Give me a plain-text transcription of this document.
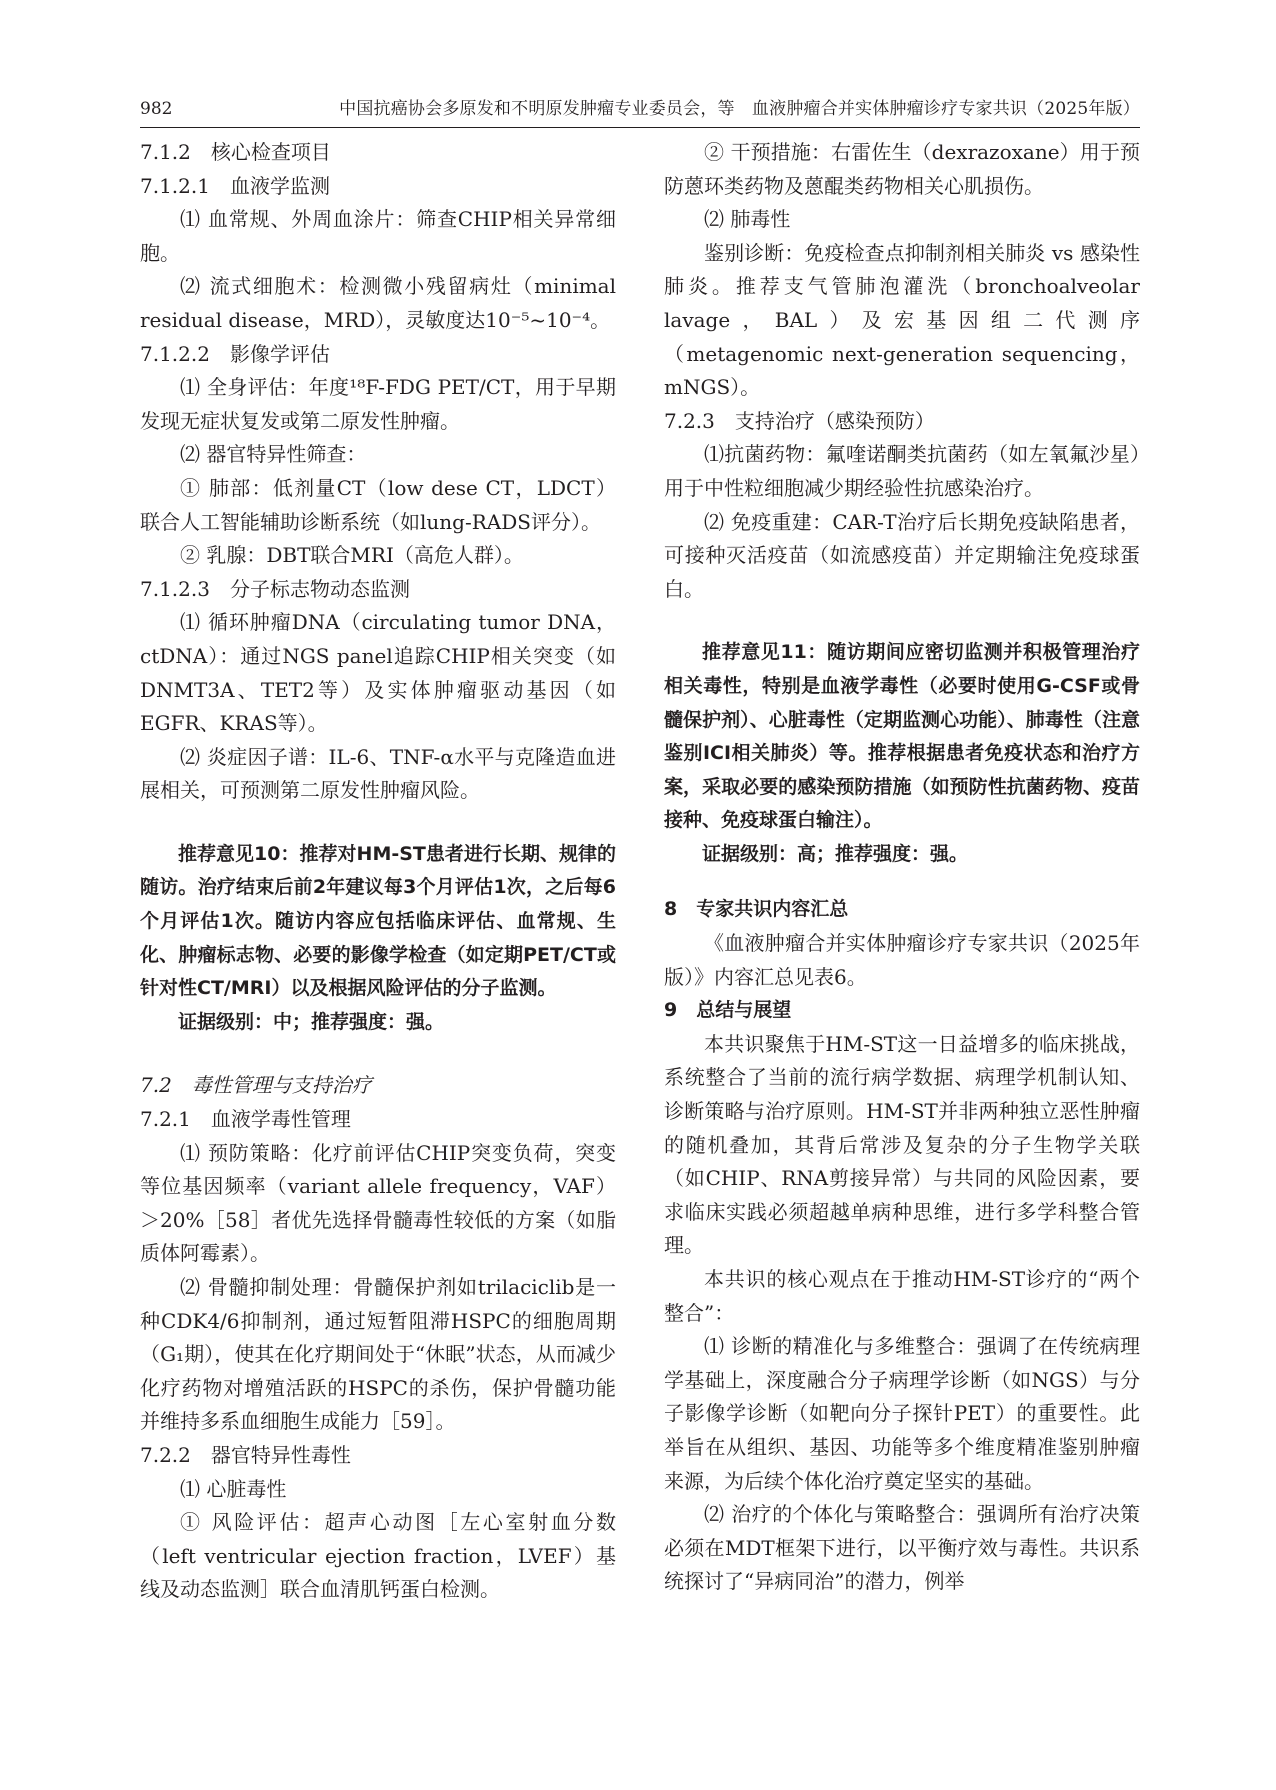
982	中国抗癌协会多原发和不明原发肿瘤专业委员会，等　血液肿瘤合并实体肿瘤诊疗专家共识（2025年版）

7.1.2　核心检查项目

7.1.2.1　血液学监测

⑴ 血常规、外周血涂片：筛查CHIP相关异常细胞。

⑵ 流式细胞术：检测微小残留病灶（minimal residual disease，MRD），灵敏度达10⁻⁵~10⁻⁴。

7.1.2.2　影像学评估

⑴ 全身评估：年度¹⁸F-FDG PET/CT，用于早期发现无症状复发或第二原发性肿瘤。

⑵ 器官特异性筛查：

① 肺部：低剂量CT（low dese CT，LDCT）联合人工智能辅助诊断系统（如lung-RADS评分）。

② 乳腺：DBT联合MRI（高危人群）。

7.1.2.3　分子标志物动态监测

⑴ 循环肿瘤DNA（circulating tumor DNA，ctDNA）：通过NGS panel追踪CHIP相关突变（如DNMT3A、TET2等）及实体肿瘤驱动基因（如EGFR、KRAS等）。

⑵ 炎症因子谱：IL-6、TNF-α水平与克隆造血进展相关，可预测第二原发性肿瘤风险。

推荐意见10：推荐对HM-ST患者进行长期、规律的随访。治疗结束后前2年建议每3个月评估1次，之后每6个月评估1次。随访内容应包括临床评估、血常规、生化、肿瘤标志物、必要的影像学检查（如定期PET/CT或针对性CT/MRI）以及根据风险评估的分子监测。

证据级别：中；推荐强度：强。

7.2　毒性管理与支持治疗

7.2.1　血液学毒性管理

⑴ 预防策略：化疗前评估CHIP突变负荷，突变等位基因频率（variant allele frequency，VAF）＞20%［58］者优先选择骨髓毒性较低的方案（如脂质体阿霉素）。

⑵ 骨髓抑制处理：骨髓保护剂如trilaciclib是一种CDK4/6抑制剂，通过短暂阻滞HSPC的细胞周期（G₁期），使其在化疗期间处于“休眠”状态，从而减少化疗药物对增殖活跃的HSPC的杀伤，保护骨髓功能并维持多系血细胞生成能力［59］。

7.2.2　器官特异性毒性

⑴ 心脏毒性

① 风险评估：超声心动图［左心室射血分数（left ventricular ejection fraction，LVEF）基线及动态监测］联合血清肌钙蛋白检测。

② 干预措施：右雷佐生（dexrazoxane）用于预防蒽环类药物及蒽醌类药物相关心肌损伤。

⑵ 肺毒性

鉴别诊断：免疫检查点抑制剂相关肺炎 vs 感染性肺炎。推荐支气管肺泡灌洗（bronchoalveolar lavage，BAL）及宏基因组二代测序（metagenomic next-generation sequencing，mNGS）。

7.2.3　支持治疗（感染预防）

⑴抗菌药物：氟喹诺酮类抗菌药（如左氧氟沙星）用于中性粒细胞减少期经验性抗感染治疗。

⑵ 免疫重建：CAR-T治疗后长期免疫缺陷患者，可接种灭活疫苗（如流感疫苗）并定期输注免疫球蛋白。

推荐意见11：随访期间应密切监测并积极管理治疗相关毒性，特别是血液学毒性（必要时使用G-CSF或骨髓保护剂）、心脏毒性（定期监测心功能）、肺毒性（注意鉴别ICI相关肺炎）等。推荐根据患者免疫状态和治疗方案，采取必要的感染预防措施（如预防性抗菌药物、疫苗接种、免疫球蛋白输注）。

证据级别：高；推荐强度：强。

8　专家共识内容汇总

《血液肿瘤合并实体肿瘤诊疗专家共识（2025年版）》内容汇总见表6。

9　总结与展望

本共识聚焦于HM-ST这一日益增多的临床挑战，系统整合了当前的流行病学数据、病理学机制认知、诊断策略与治疗原则。HM-ST并非两种独立恶性肿瘤的随机叠加，其背后常涉及复杂的分子生物学关联（如CHIP、RNA剪接异常）与共同的风险因素，要求临床实践必须超越单病种思维，进行多学科整合管理。

本共识的核心观点在于推动HM-ST诊疗的“两个整合”：

⑴ 诊断的精准化与多维整合：强调了在传统病理学基础上，深度融合分子病理学诊断（如NGS）与分子影像学诊断（如靶向分子探针PET）的重要性。此举旨在从组织、基因、功能等多个维度精准鉴别肿瘤来源，为后续个体化治疗奠定坚实的基础。

⑵ 治疗的个体化与策略整合：强调所有治疗决策必须在MDT框架下进行，以平衡疗效与毒性。共识系统探讨了“异病同治”的潜力，例举
